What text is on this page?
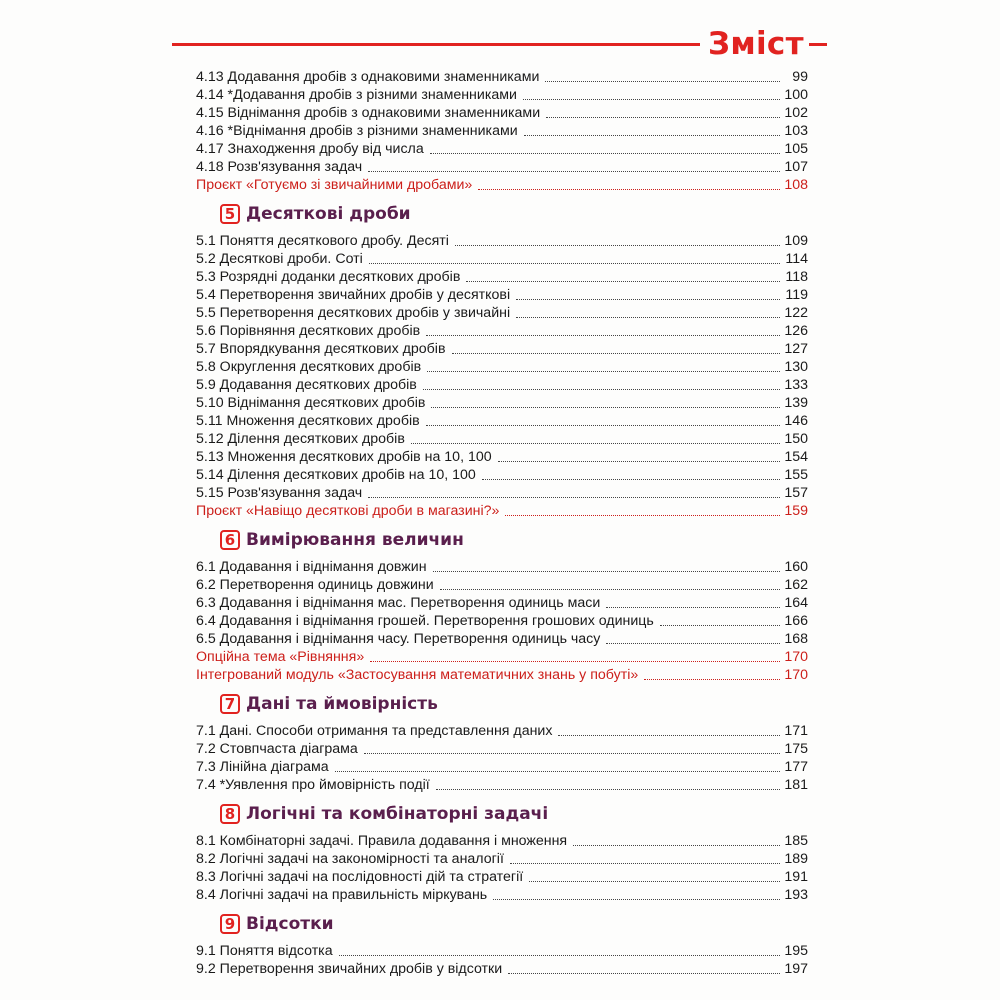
Зміст
4.13 Додавання дробів з однаковими знаменниками	99
4.14 *Додавання дробів з різними знаменниками	100
4.15 Віднімання дробів з однаковими знаменниками	102
4.16 *Віднімання дробів з різними знаменниками	103
4.17 Знаходження дробу від числа	105
4.18 Розв'язування задач	107
Проєкт «Готуємо зі звичайними дробами»	108
5 Десяткові дроби
5.1 Поняття десяткового дробу. Десяті	109
5.2 Десяткові дроби. Соті	114
5.3 Розрядні доданки десяткових дробів	118
5.4 Перетворення звичайних дробів у десяткові	119
5.5 Перетворення десяткових дробів у звичайні	122
5.6 Порівняння десяткових дробів	126
5.7 Впорядкування десяткових дробів	127
5.8 Округлення десяткових дробів	130
5.9 Додавання десяткових дробів	133
5.10 Віднімання десяткових дробів	139
5.11 Множення десяткових дробів	146
5.12 Ділення десяткових дробів	150
5.13 Множення десяткових дробів на 10, 100	154
5.14 Ділення десяткових дробів на 10, 100	155
5.15 Розв'язування задач	157
Проєкт «Навіщо десяткові дроби в магазині?»	159
6 Вимірювання величин
6.1 Додавання і віднімання довжин	160
6.2 Перетворення одиниць довжини	162
6.3 Додавання і віднімання мас. Перетворення одиниць маси	164
6.4 Додавання і віднімання грошей. Перетворення грошових одиниць	166
6.5 Додавання і віднімання часу. Перетворення одиниць часу	168
Опційна тема «Рівняння»	170
Інтегрований модуль «Застосування математичних знань у побуті»	170
7 Дані та ймовірність
7.1 Дані. Способи отримання та представлення даних	171
7.2 Стовпчаста діаграма	175
7.3 Лінійна діаграма	177
7.4 *Уявлення про ймовірність події	181
8 Логічні та комбінаторні задачі
8.1 Комбінаторні задачі. Правила додавання і множення	185
8.2 Логічні задачі на закономірності та аналогії	189
8.3 Логічні задачі на послідовності дій та стратегії	191
8.4 Логічні задачі на правильність міркувань	193
9 Відсотки
9.1 Поняття відсотка	195
9.2 Перетворення звичайних дробів у відсотки	197
